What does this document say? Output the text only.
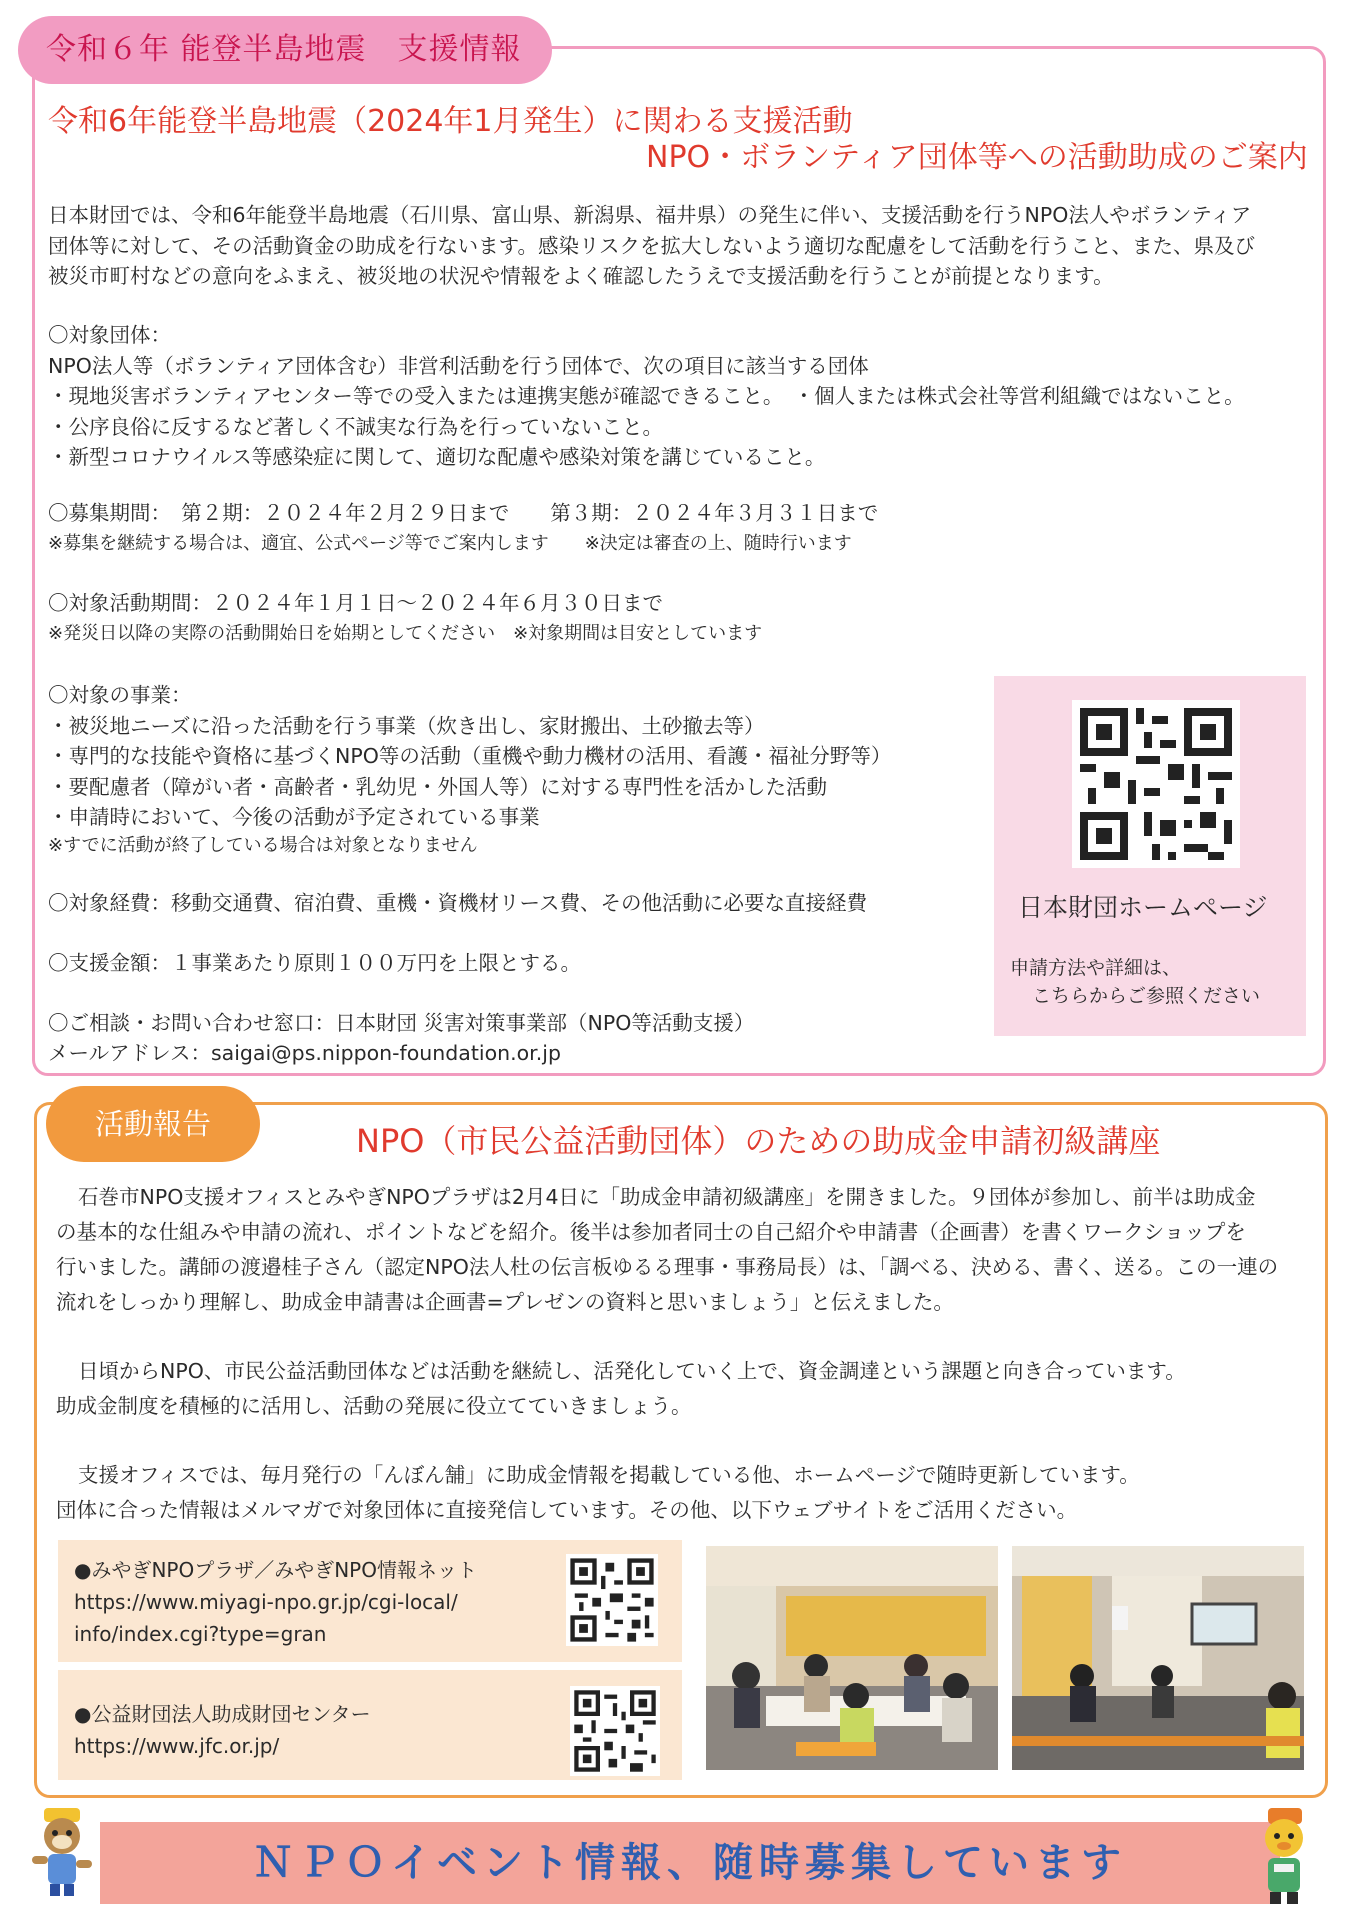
令和６年 能登半島地震　支援情報
令和6年能登半島地震（2024年1月発生）に関わる支援活動
NPO・ボランティア団体等への活動助成のご案内
日本財団では、令和6年能登半島地震（石川県、富山県、新潟県、福井県）の発生に伴い、支援活動を行うNPO法人やボランティア
団体等に対して、その活動資金の助成を行ないます。感染リスクを拡大しないよう適切な配慮をして活動を行うこと、また、県及び
被災市町村などの意向をふまえ、被災地の状況や情報をよく確認したうえで支援活動を行うことが前提となります。
〇対象団体：
NPO法人等（ボランティア団体含む）非営利活動を行う団体で、次の項目に該当する団体
・現地災害ボランティアセンター等での受入または連携実態が確認できること。　・個人または株式会社等営利組織ではないこと。
・公序良俗に反するなど著しく不誠実な行為を行っていないこと。
・新型コロナウイルス等感染症に関して、適切な配慮や感染対策を講じていること。
〇募集期間：　第２期：２０２４年２月２９日まで　　第３期：２０２４年３月３１日まで
※募集を継続する場合は、適宜、公式ページ等でご案内します　　※決定は審査の上、随時行います
〇対象活動期間：２０２４年１月１日～２０２４年６月３０日まで
※発災日以降の実際の活動開始日を始期としてください　※対象期間は目安としています
〇対象の事業：
・被災地ニーズに沿った活動を行う事業（炊き出し、家財搬出、土砂撤去等）
・専門的な技能や資格に基づくNPO等の活動（重機や動力機材の活用、看護・福祉分野等）
・要配慮者（障がい者・高齢者・乳幼児・外国人等）に対する専門性を活かした活動
・申請時において、今後の活動が予定されている事業
※すでに活動が終了している場合は対象となりません
〇対象経費：移動交通費、宿泊費、重機・資機材リース費、その他活動に必要な直接経費
〇支援金額：１事業あたり原則１００万円を上限とする。
〇ご相談・お問い合わせ窓口：日本財団 災害対策事業部（NPO等活動支援）
メールアドレス：saigai@ps.nippon-foundation.or.jp
日本財団ホームページ
申請方法や詳細は、
こちらからご参照ください
活動報告	NPO（市民公益活動団体）のための助成金申請初級講座
石巻市NPO支援オフィスとみやぎNPOプラザは2月4日に「助成金申請初級講座」を開きました。９団体が参加し、前半は助成金
の基本的な仕組みや申請の流れ、ポイントなどを紹介。後半は参加者同士の自己紹介や申請書（企画書）を書くワークショップを
行いました。講師の渡邉桂子さん（認定NPO法人杜の伝言板ゆるる理事・事務局長）は、「調べる、決める、書く、送る。この一連の
流れをしっかり理解し、助成金申請書は企画書=プレゼンの資料と思いましょう」と伝えました。
日頃からNPO、市民公益活動団体などは活動を継続し、活発化していく上で、資金調達という課題と向き合っています。
助成金制度を積極的に活用し、活動の発展に役立てていきましょう。
支援オフィスでは、毎月発行の「んぼん舗」に助成金情報を掲載している他、ホームページで随時更新しています。
団体に合った情報はメルマガで対象団体に直接発信しています。その他、以下ウェブサイトをご活用ください。
●みやぎNPOプラザ／みやぎNPO情報ネット
https://www.miyagi-npo.gr.jp/cgi-local/
info/index.cgi?type=gran
●公益財団法人助成財団センター
https://www.jfc.or.jp/
ＮＰＯイベント情報、随時募集しています
